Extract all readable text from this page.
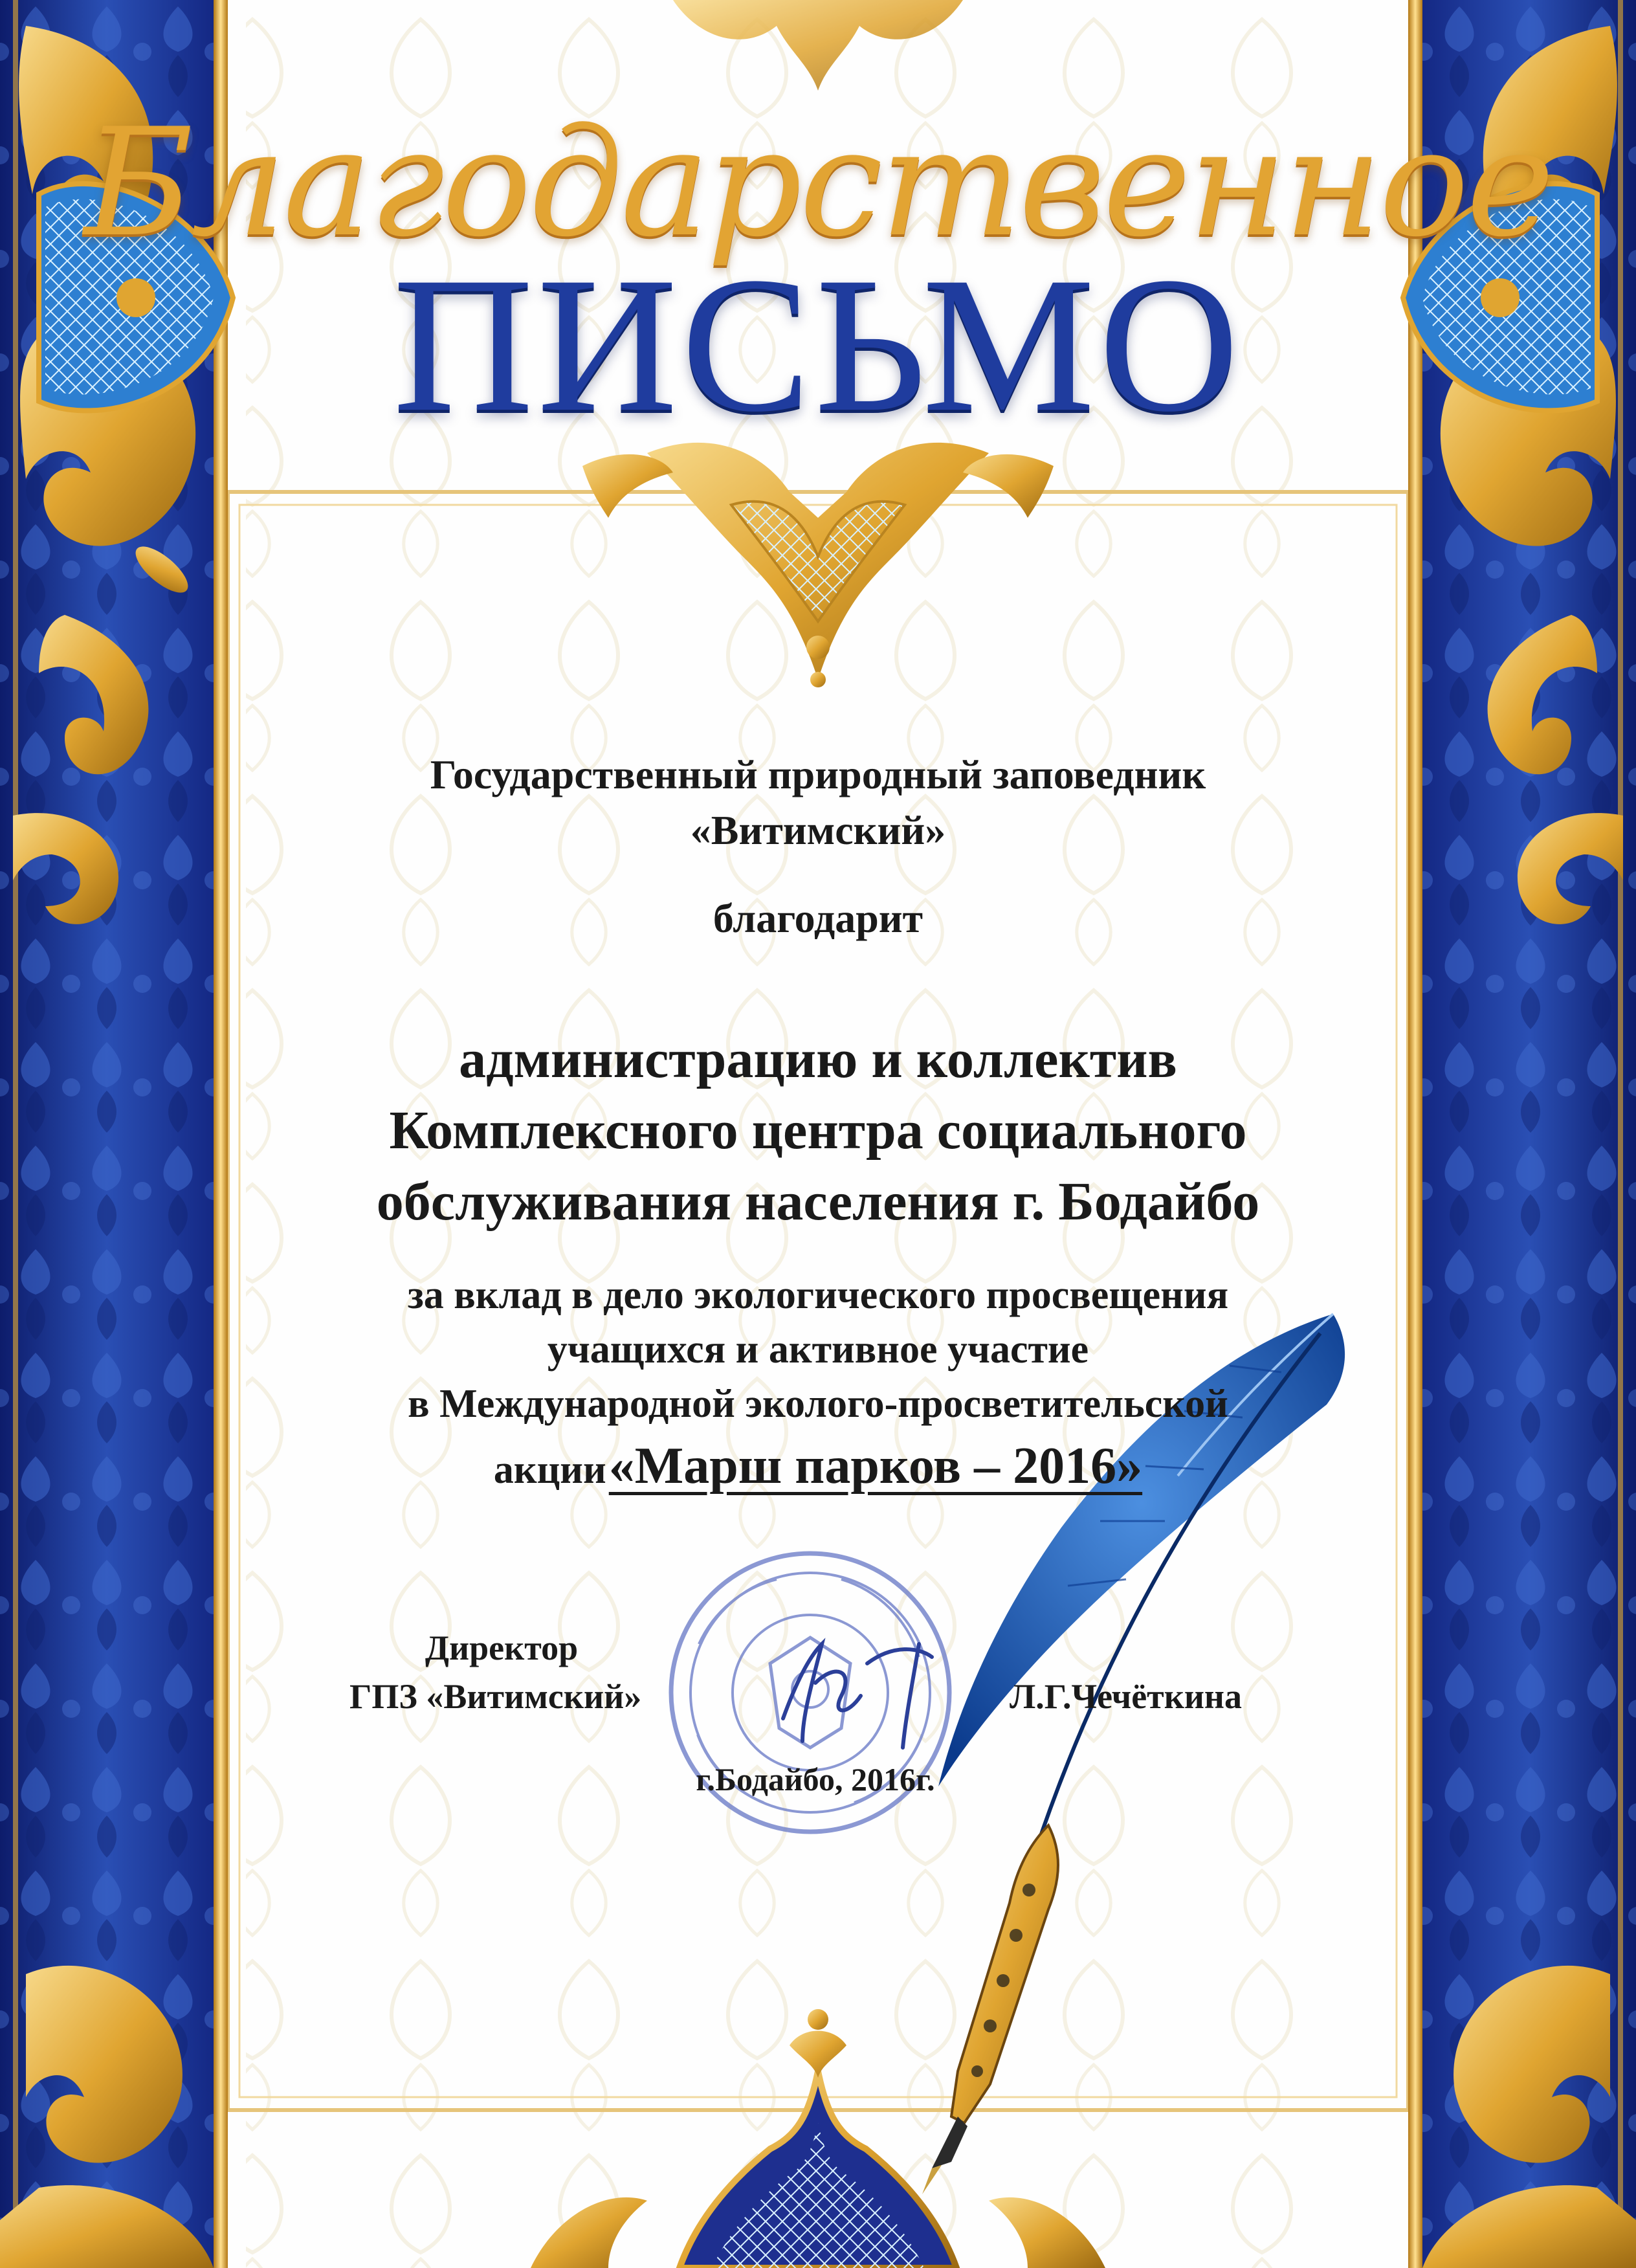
Благодарственное
ПИСЬМО
Государственный природный заповедник
«Витимский»
благодарит
администрацию и коллектив
Комплексного центра социального
обслуживания населения г. Бодайбо
за вклад в дело экологического просвещения
учащихся и активное участие
в Международной эколого-просветительской
акции «Марш парков – 2016»
Директор
ГПЗ «Витимский»	Л.Г.Чечёткина
г.Бодайбо, 2016г.
